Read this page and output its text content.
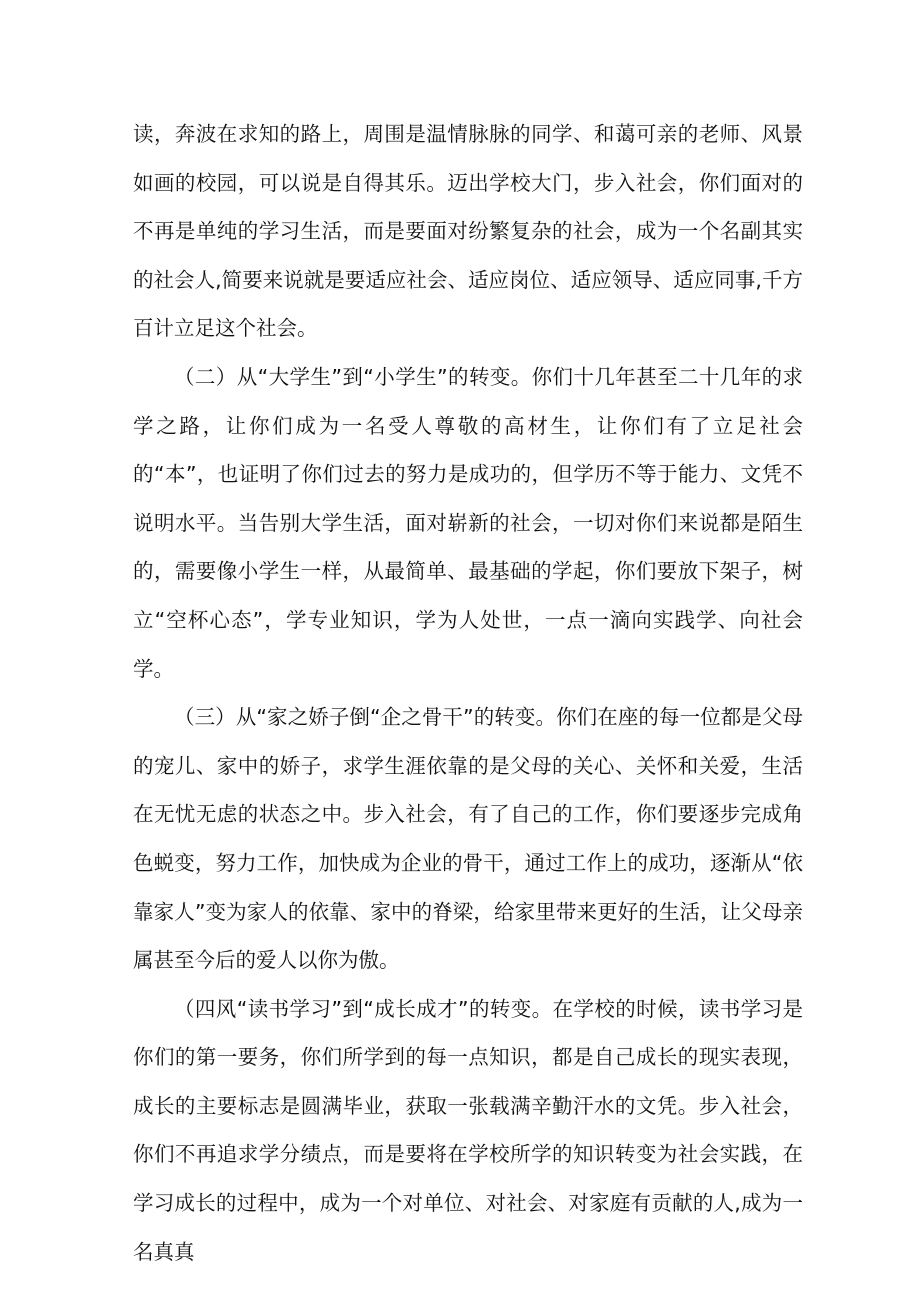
读，奔波在求知的路上，周围是温情脉脉的同学、和蔼可亲的老师、风景如画的校园，可以说是自得其乐。迈出学校大门，步入社会，你们面对的不再是单纯的学习生活，而是要面对纷繁复杂的社会，成为一个名副其实的社会人,简要来说就是要适应社会、适应岗位、适应领导、适应同事,千方百计立足这个社会。

（二）从“大学生”到“小学生”的转变。你们十几年甚至二十几年的求学之路，让你们成为一名受人尊敬的高材生，让你们有了立足社会的“本”，也证明了你们过去的努力是成功的，但学历不等于能力、文凭不说明水平。当告别大学生活，面对崭新的社会，一切对你们来说都是陌生的，需要像小学生一样，从最简单、最基础的学起，你们要放下架子，树立“空杯心态”，学专业知识，学为人处世，一点一滴向实践学、向社会学。

（三）从“家之娇子倒“企之骨干”的转变。你们在座的每一位都是父母的宠儿、家中的娇子，求学生涯依靠的是父母的关心、关怀和关爱，生活在无忧无虑的状态之中。步入社会，有了自己的工作，你们要逐步完成角色蜕变，努力工作，加快成为企业的骨干，通过工作上的成功，逐渐从“依靠家人”变为家人的依靠、家中的脊梁，给家里带来更好的生活，让父母亲属甚至今后的爱人以你为傲。

（四风“读书学习”到“成长成才”的转变。在学校的时候，读书学习是你们的第一要务，你们所学到的每一点知识，都是自己成长的现实表现，成长的主要标志是圆满毕业，获取一张载满辛勤汗水的文凭。步入社会，你们不再追求学分绩点，而是要将在学校所学的知识转变为社会实践，在学习成长的过程中，成为一个对单位、对社会、对家庭有贡献的人,成为一名真真
